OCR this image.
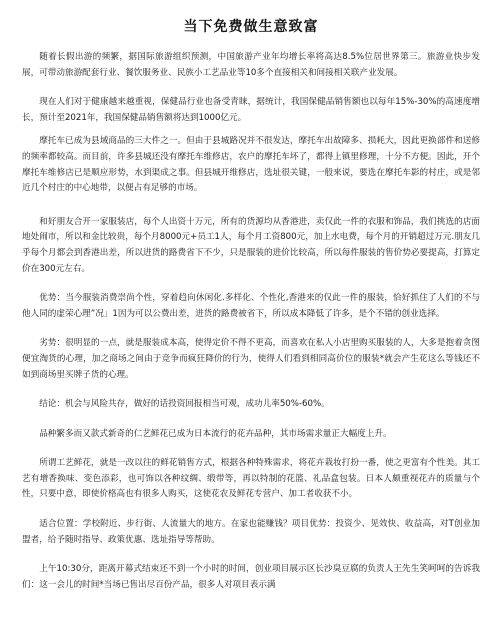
当下免费做生意致富

随着长假出游的频繁，据国际旅游组织预测，中国旅游产业年均增长率将高达8.5%位居世界第三。旅游业快步发展，可带动旅游配套行业、餐饮服务业、民族小工艺品业等10多个直接相关和间接相关联产业发展。

现在人们对于健康越来越重视，保健品行业也备受青睐，据统计，我国保健品销售额也以每年15%-30%的高速度增长，预计至2021年，我国保健品销售额将达到1000亿元。

摩托车已成为县域商品的三大件之一。但由于县城路况并不很发达，摩托车出故障多、损耗大，因此更换部件和送修的频率都较高。而目前，许多县城还没有摩托车维修店，农户的摩托车坏了，都得上镇里修理，十分不方便。因此，开个摩托车维修店已是顺应形势，水到渠成之事。但县城开维修店，选址很关键，一般来说，要选在摩托车影的村庄，或是邻近几个村庄的中心地带，以便占有足够的市场。

和好朋友合开一家服装店，每个人出资十万元，所有的货源均从香港进，卖仅此一件的衣服和饰品，我们挑选的店面地处闹市，所以和金比较贵，每个月8000元+员工1人，每个月工资800元，加上水电费，每个月的开销超过万元.朋友几乎每个月都会到香港出差，所以进货的路费省下不少，只是服装的进价比较高，所以每件服装的售价势必要提高，打算定价在300元左右。

优势：当今服装消费崇尚个性，穿着趋向休闲化.多样化、个性化,香港来的仅此一件的服装，恰好抓住了人们的不与他人同的虚荣心理”况」1因为可以公费出差，进货的路费被省下，所以成本降低了许多，是个不错的创业选择。

劣势：很明显的一点，就是服装成本高，使得定价不得不更高，而喜欢在私人小店里购买服装的人，大多是抱着贪图便宜淘货的心理，加之商场之间由于竞争而疯狂降价的行为，使得人们看到相同高价位的服装*就会产生花这么等钱还不如到商场里买牌子货的心理。

结论：机会与风险共存，做好的话投资回报相当可观，成功儿率50%-60%。

品种繁多而又款式新奇的仁艺鲜花已成为日本流行的花卉品种，其市场需求量正大幅度上升。

所谓工艺鲜花，就是一改以往的鲜花销售方式，根据各种特殊需求，将花卉栽妆打扮一番，使之更富有个性美。其工艺有增香换味、变色添彩，也可饰以各种纹绸、缎带等，再以特制的花篮、礼品盒包装。日本人颇重视花卉的质量与个性，只要中意，即使价格高也有很多人购买，这使花农及鲜花专营户、加工者收获不小。

适合位置：学校附近、步行街、人流量大的地方。在家也能赚钱？项目优势：投资少、见效快、收益高，对T创业加盟者，给予随时指导、政策优惠、选址指导等帮助。

上午10:30分，距离开幕式结束还不到一个小时的时间，创业项目展示区长沙臭豆腐的负责人王先生笑呵呵的告诉我们：这一会儿的时间*当场已售出尽百份产品，很多人对项目表示满
